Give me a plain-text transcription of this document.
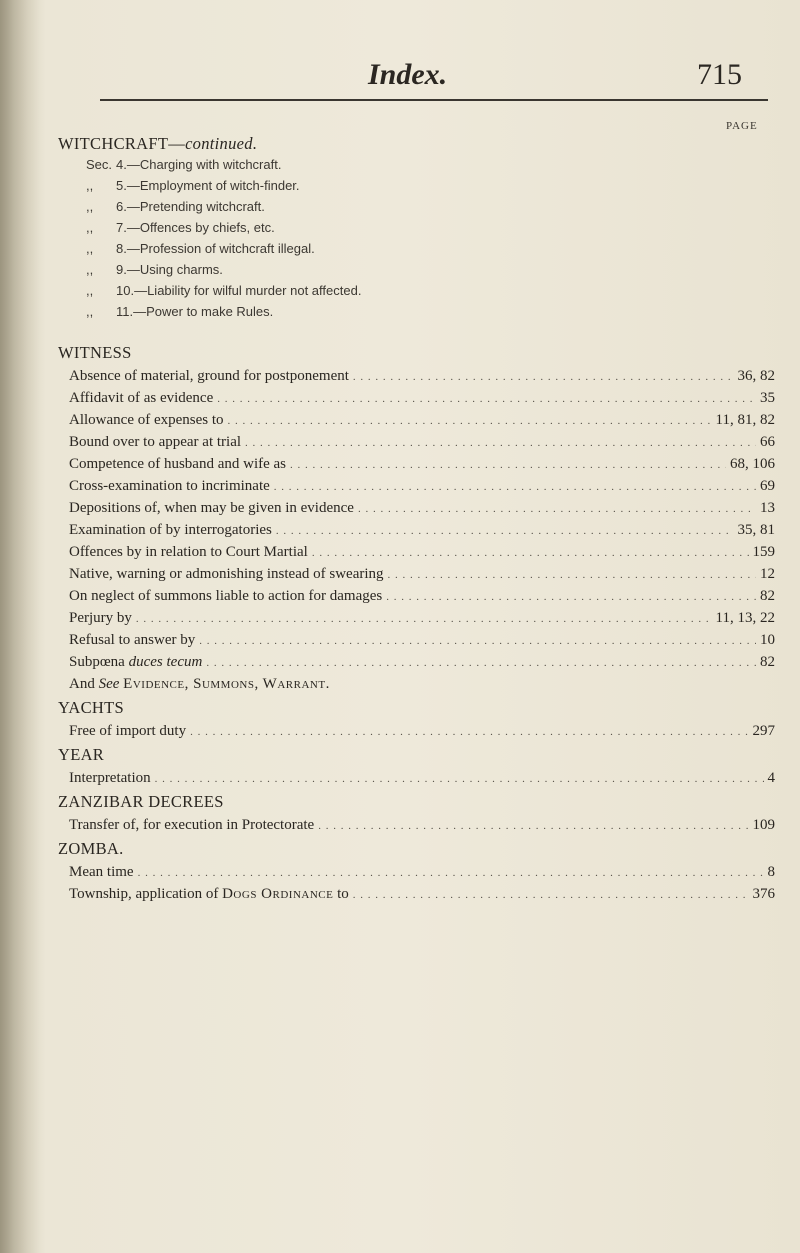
Index.	715
PAGE
WITCHCRAFT—continued.
Sec. 4.—Charging with witchcraft.
,, 5.—Employment of witch-finder.
,, 6.—Pretending witchcraft.
,, 7.—Offences by chiefs, etc.
,, 8.—Profession of witchcraft illegal.
,, 9.—Using charms.
,, 10.—Liability for wilful murder not affected.
,, 11.—Power to make Rules.
WITNESS
Absence of material, ground for postponement . . .	36, 82
Affidavit of as evidence . . .	35
Allowance of expenses to . . .	11, 81, 82
Bound over to appear at trial . . .	66
Competence of husband and wife as . . .	68, 106
Cross-examination to incriminate . . .	69
Depositions of, when may be given in evidence . . .	13
Examination of by interrogatories . . .	35, 81
Offences by in relation to Court Martial . . .	159
Native, warning or admonishing instead of swearing . . .	12
On neglect of summons liable to action for damages . . .	82
Perjury by . . .	11, 13, 22
Refusal to answer by . . .	10
Subpœna duces tecum . . .	82
And See Evidence, Summons, Warrant.
YACHTS
Free of import duty . . .	297
YEAR
Interpretation . . .	4
ZANZIBAR DECREES
Transfer of, for execution in Protectorate . . .	109
ZOMBA.
Mean time . . .	8
Township, application of Dogs Ordinance to . . .	376
